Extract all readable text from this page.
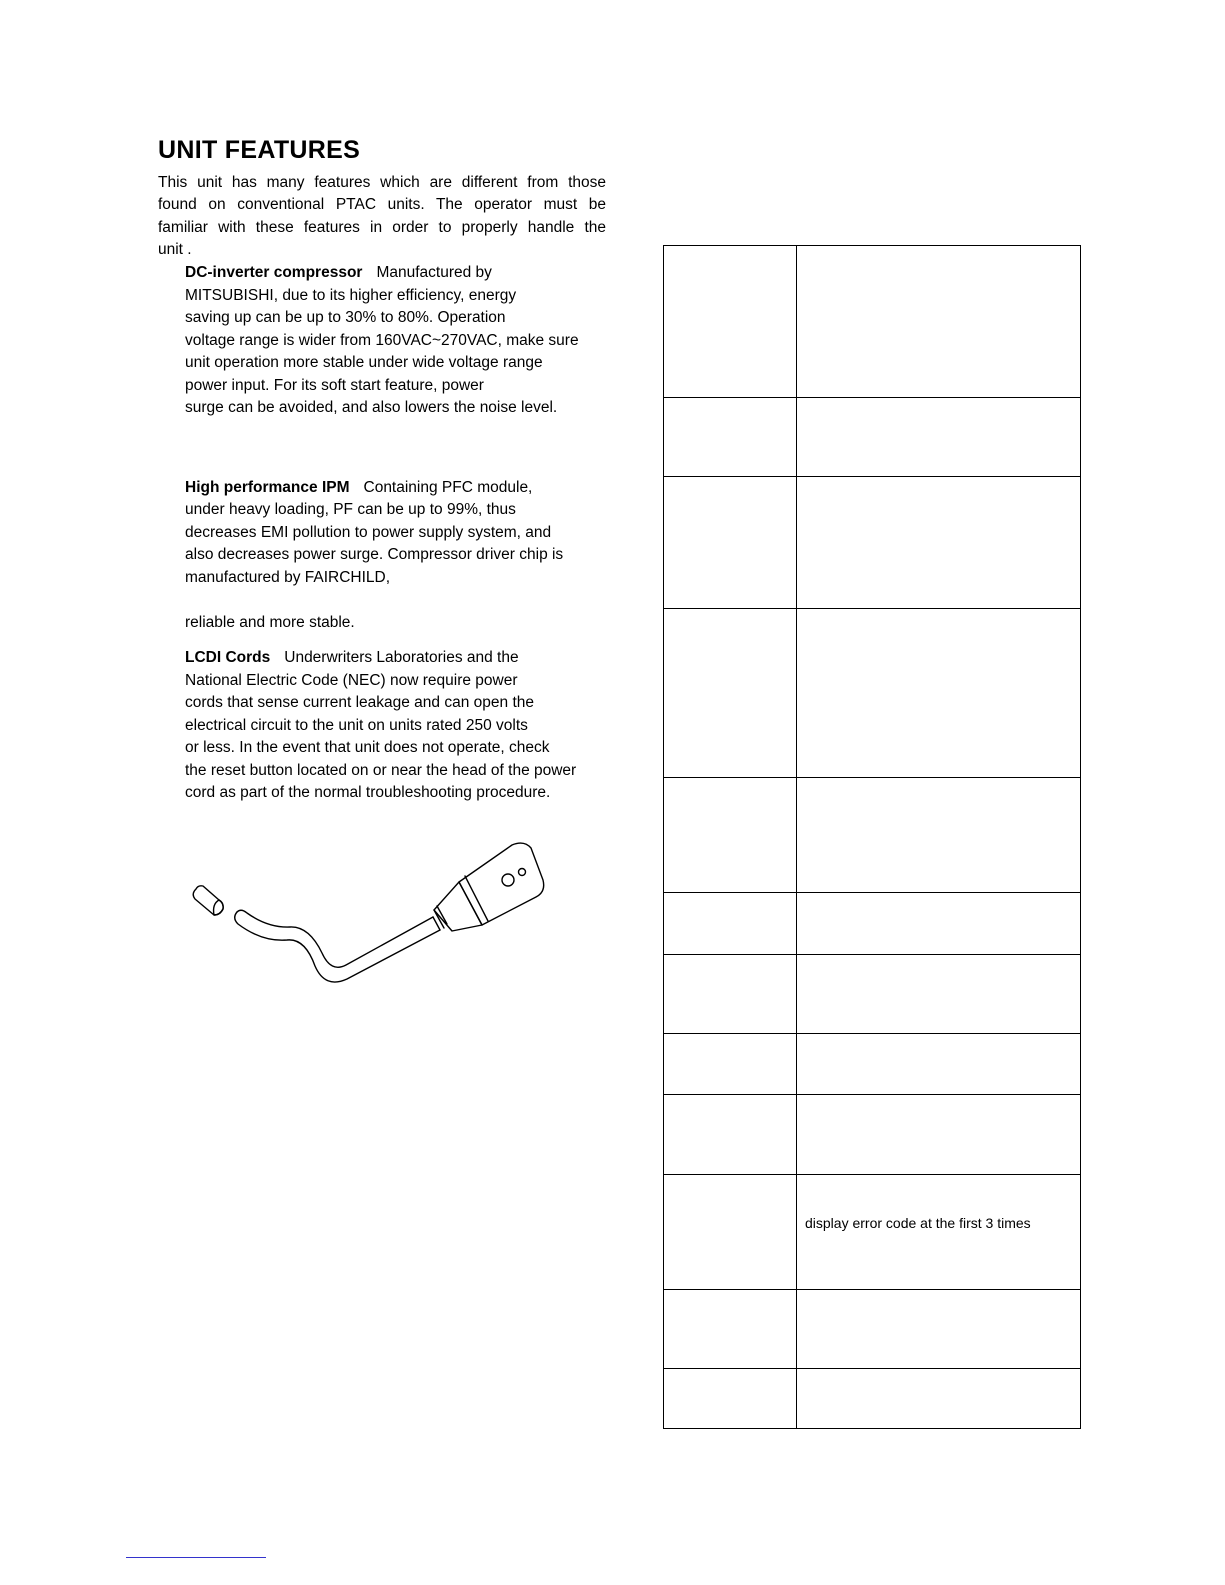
UNIT FEATURES
This unit has many features which are different from those
found on conventional PTAC units. The operator must be
familiar with these features in order to properly handle the
unit .
DC-inverter compressor Manufactured by
MITSUBISHI, due to its higher efficiency, energy
saving up can be up to 30% to 80%. Operation
voltage range is wider from 160VAC~270VAC, make sure
unit operation more stable under wide voltage range
power input. For its soft start feature, power
surge can be avoided, and also lowers the noise level.
High performance IPM Containing PFC module,
under heavy loading, PF can be up to 99%, thus
decreases EMI pollution to power supply system, and
also decreases power surge. Compressor driver chip is
manufactured by FAIRCHILD,
reliable and more stable.
LCDI Cords Underwriters Laboratories and the
National Electric Code (NEC) now require power
cords that sense current leakage and can open the
electrical circuit to the unit on units rated 250 volts
or less. In the event that unit does not operate, check
the reset button located on or near the head of the power
cord as part of the normal troubleshooting procedure.
display error code at the first 3 times
